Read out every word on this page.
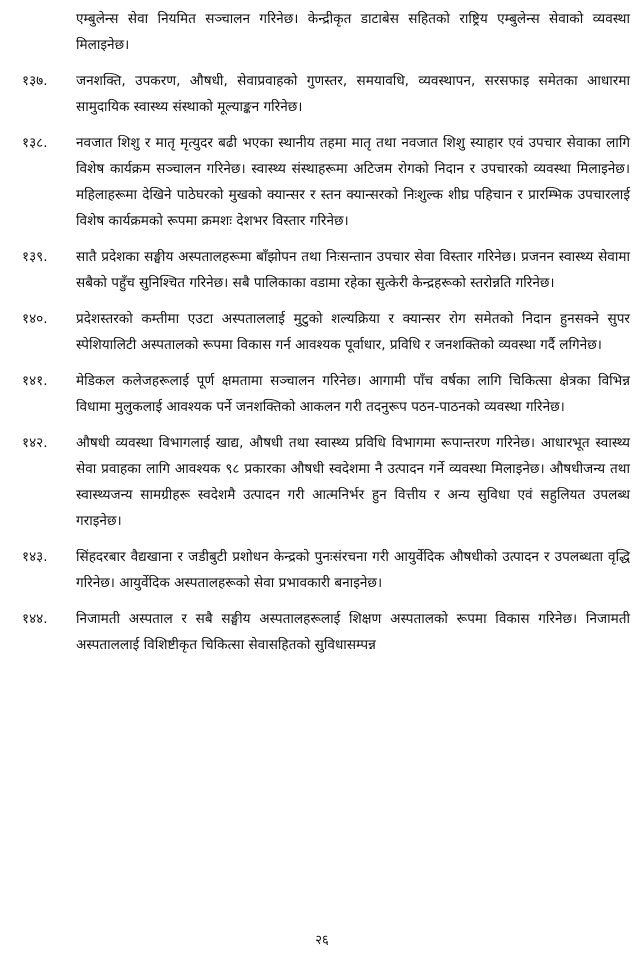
एम्बुलेन्स सेवा नियमित सञ्चालन गरिनेछ। केन्द्रीकृत डाटाबेस सहितको राष्ट्रिय एम्बुलेन्स सेवाको व्यवस्था मिलाइनेछ।

१३७.	जनशक्ति, उपकरण, औषधी, सेवाप्रवाहको गुणस्तर, समयावधि, व्यवस्थापन, सरसफाइ समेतका आधारमा सामुदायिक स्वास्थ्य संस्थाको मूल्याङ्कन गरिनेछ।
१३८.	नवजात शिशु र मातृ मृत्युदर बढी भएका स्थानीय तहमा मातृ तथा नवजात शिशु स्याहार एवं उपचार सेवाका लागि विशेष कार्यक्रम सञ्चालन गरिनेछ। स्वास्थ्य संस्थाहरूमा अटिजम रोगको निदान र उपचारको व्यवस्था मिलाइनेछ। महिलाहरूमा देखिने पाठेघरको मुखको क्यान्सर र स्तन क्यान्सरको निःशुल्क शीघ्र पहिचान र प्रारम्भिक उपचारलाई विशेष कार्यक्रमको रूपमा क्रमशः देशभर विस्तार गरिनेछ।
१३९.	सातै प्रदेशका सङ्घीय अस्पतालहरूमा बाँझोपन तथा निःसन्तान उपचार सेवा विस्तार गरिनेछ। प्रजनन स्वास्थ्य सेवामा सबैको पहुँच सुनिश्चित गरिनेछ। सबै पालिकाका वडामा रहेका सुत्केरी केन्द्रहरूको स्तरोन्नति गरिनेछ।
१४०.	प्रदेशस्तरको कम्तीमा एउटा अस्पताललाई मुटुको शल्यक्रिया र क्यान्सर रोग समेतको निदान हुनसक्ने सुपर स्पेशियालिटी अस्पतालको रूपमा विकास गर्न आवश्यक पूर्वाधार, प्रविधि र जनशक्तिको व्यवस्था गर्दै लगिनेछ।
१४१.	मेडिकल कलेजहरूलाई पूर्ण क्षमतामा सञ्चालन गरिनेछ। आगामी पाँच वर्षका लागि चिकित्सा क्षेत्रका विभिन्न विधामा मुलुकलाई आवश्यक पर्ने जनशक्तिको आकलन गरी तदनुरूप पठन-पाठनको व्यवस्था गरिनेछ।
१४२.	औषधी व्यवस्था विभागलाई खाद्य, औषधी तथा स्वास्थ्य प्रविधि विभागमा रूपान्तरण गरिनेछ। आधारभूत स्वास्थ्य सेवा प्रवाहका लागि आवश्यक ९८ प्रकारका औषधी स्वदेशमा नै उत्पादन गर्ने व्यवस्था मिलाइनेछ। औषधीजन्य तथा स्वास्थ्यजन्य सामग्रीहरू स्वदेशमै उत्पादन गरी आत्मनिर्भर हुन वित्तीय र अन्य सुविधा एवं सहुलियत उपलब्ध गराइनेछ।
१४३.	सिंहदरबार वैद्यखाना र जडीबुटी प्रशोधन केन्द्रको पुनःसंरचना गरी आयुर्वेदिक औषधीको उत्पादन र उपलब्धता वृद्धि गरिनेछ। आयुर्वेदिक अस्पतालहरूको सेवा प्रभावकारी बनाइनेछ।
१४४.	निजामती अस्पताल र सबै सङ्घीय अस्पतालहरूलाई शिक्षण अस्पतालको रूपमा विकास गरिनेछ। निजामती अस्पताललाई विशिष्टीकृत चिकित्सा सेवासहितको सुविधासम्पन्न
२६
